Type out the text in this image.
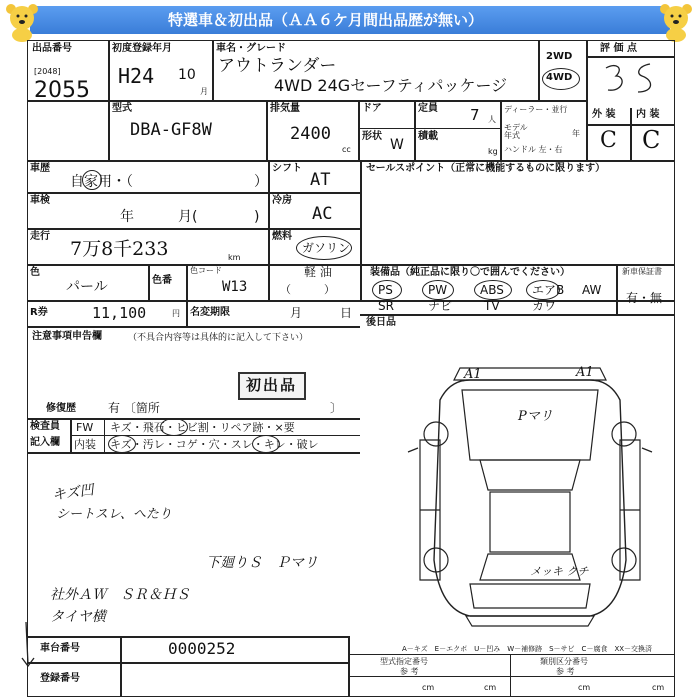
特選車＆初出品（ＡＡ６ケ月間出品歴が無い）
出品番号
[2048]
2055
初度登録年月
H24 10
月
車名・グレード
アウトランダー
4WD 24Gセーフティパッケージ
2WD
4WD
評 価 点
型式
DBA-GF8W
排気量
2400
cc
ドア	定員 7 人
形状
W
積載
kg
ディーラー・並行
モデル年式	年
ハンドル 左・右
外 装 内 装
C C
車歴
自家用・（	）
シフト
AT
セールスポイント（正常に機能するものに限ります）
車検
年	月(	)
冷房
AC
走行
7万8千233	km
燃料
ガソリン
軽 油
（　　　）
色
パール	色番
色コード
W13
装備品（純正品に限り〇で囲んでください）
PS	PW	ABS エアB AW
SR	ナビ	TV	カワ
新車保証書
有・無
R券	11,100	円 名変期限	月	日
後日品
注意事項申告欄	（不具合内容等は具体的に記入して下さい）
初出品
修復歴	有 〔箇所	〕
検査員
記入欄
FW キズ・飛石・ヒビ割・リペア跡・×要
内装 キズ・汚レ・コゲ・穴・スレ・キレ・破レ
キズ凹
シートスレ、へたり
下廻りＳ　Ｐマリ
社外ＡＷ　ＳＲ＆ＨＳ
タイヤ横
A1	A1
Pマリ
メッキ クチ
A－キズ　E－エクボ　U－凹み　W－補修跡　S－サビ　C－腐食　XX－交換済
車台番号	0000252
登録番号
型式指定番号
参 考
類別区分番号
参 考
cm	cm	cm	cm
